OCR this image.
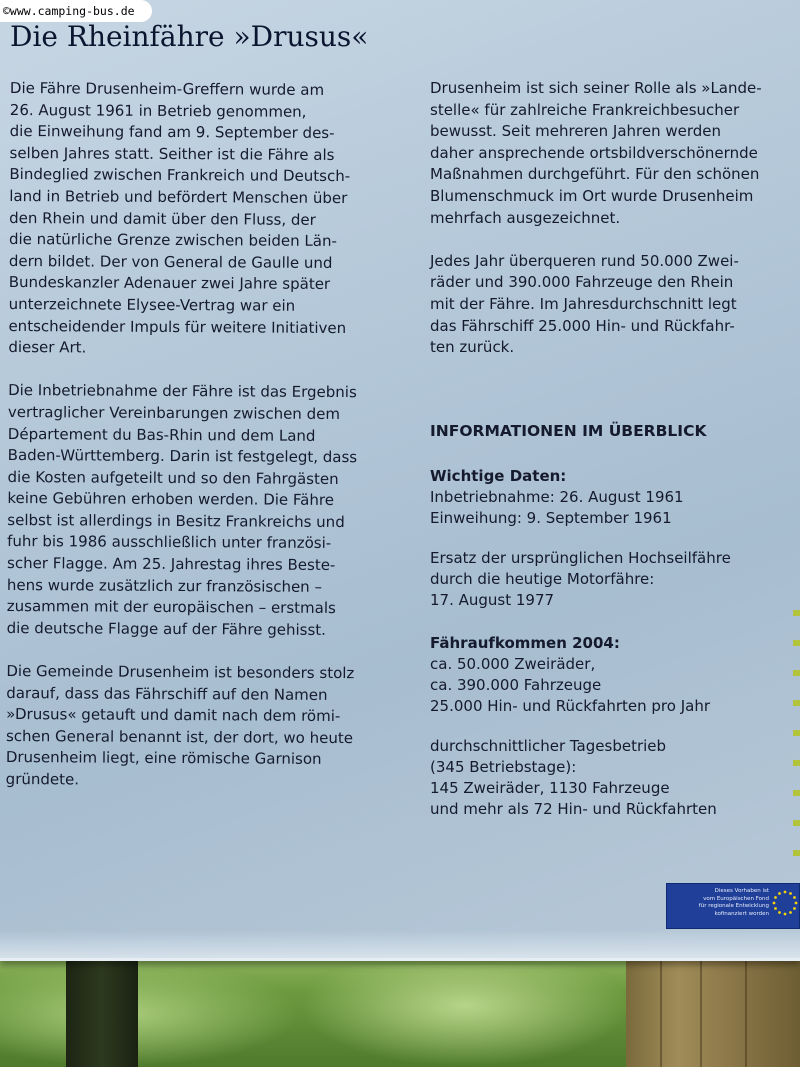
©www.camping-bus.de
Die Rheinfähre »Drusus«

Die Fähre Drusenheim-Greffern wurde am
26. August 1961 in Betrieb genommen,
die Einweihung fand am 9. September des-
selben Jahres statt. Seither ist die Fähre als
Bindeglied zwischen Frankreich und Deutsch-
land in Betrieb und befördert Menschen über
den Rhein und damit über den Fluss, der
die natürliche Grenze zwischen beiden Län-
dern bildet. Der von General de Gaulle und
Bundeskanzler Adenauer zwei Jahre später
unterzeichnete Elysee-Vertrag war ein
entscheidender Impuls für weitere Initiativen
dieser Art.

Die Inbetriebnahme der Fähre ist das Ergebnis
vertraglicher Vereinbarungen zwischen dem
Département du Bas-Rhin und dem Land
Baden-Württemberg. Darin ist festgelegt, dass
die Kosten aufgeteilt und so den Fahrgästen
keine Gebühren erhoben werden. Die Fähre
selbst ist allerdings in Besitz Frankreichs und
fuhr bis 1986 ausschließlich unter französi-
scher Flagge. Am 25. Jahrestag ihres Beste-
hens wurde zusätzlich zur französischen –
zusammen mit der europäischen – erstmals
die deutsche Flagge auf der Fähre gehisst.

Die Gemeinde Drusenheim ist besonders stolz
darauf, dass das Fährschiff auf den Namen
»Drusus« getauft und damit nach dem römi-
schen General benannt ist, der dort, wo heute
Drusenheim liegt, eine römische Garnison
gründete.

Drusenheim ist sich seiner Rolle als »Lande-
stelle« für zahlreiche Frankreichbesucher
bewusst. Seit mehreren Jahren werden
daher ansprechende ortsbildverschönernde
Maßnahmen durchgeführt. Für den schönen
Blumenschmuck im Ort wurde Drusenheim
mehrfach ausgezeichnet.

Jedes Jahr überqueren rund 50.000 Zwei-
räder und 390.000 Fahrzeuge den Rhein
mit der Fähre. Im Jahresdurchschnitt legt
das Fährschiff 25.000 Hin- und Rückfahr-
ten zurück.

INFORMATIONEN IM ÜBERBLICK
Wichtige Daten:
Inbetriebnahme: 26. August 1961
Einweihung: 9. September 1961
Ersatz der ursprünglichen Hochseilfähre
durch die heutige Motorfähre:
17. August 1977
Fähraufkommen 2004:
ca. 50.000 Zweiräder,
ca. 390.000 Fahrzeuge
25.000 Hin- und Rückfahrten pro Jahr
durchschnittlicher Tagesbetrieb
(345 Betriebstage):
145 Zweiräder, 1130 Fahrzeuge
und mehr als 72 Hin- und Rückfahrten
Dieses Vorhaben ist
vom Europäischen Fond
für regionale Entwicklung
kofinanziert worden
